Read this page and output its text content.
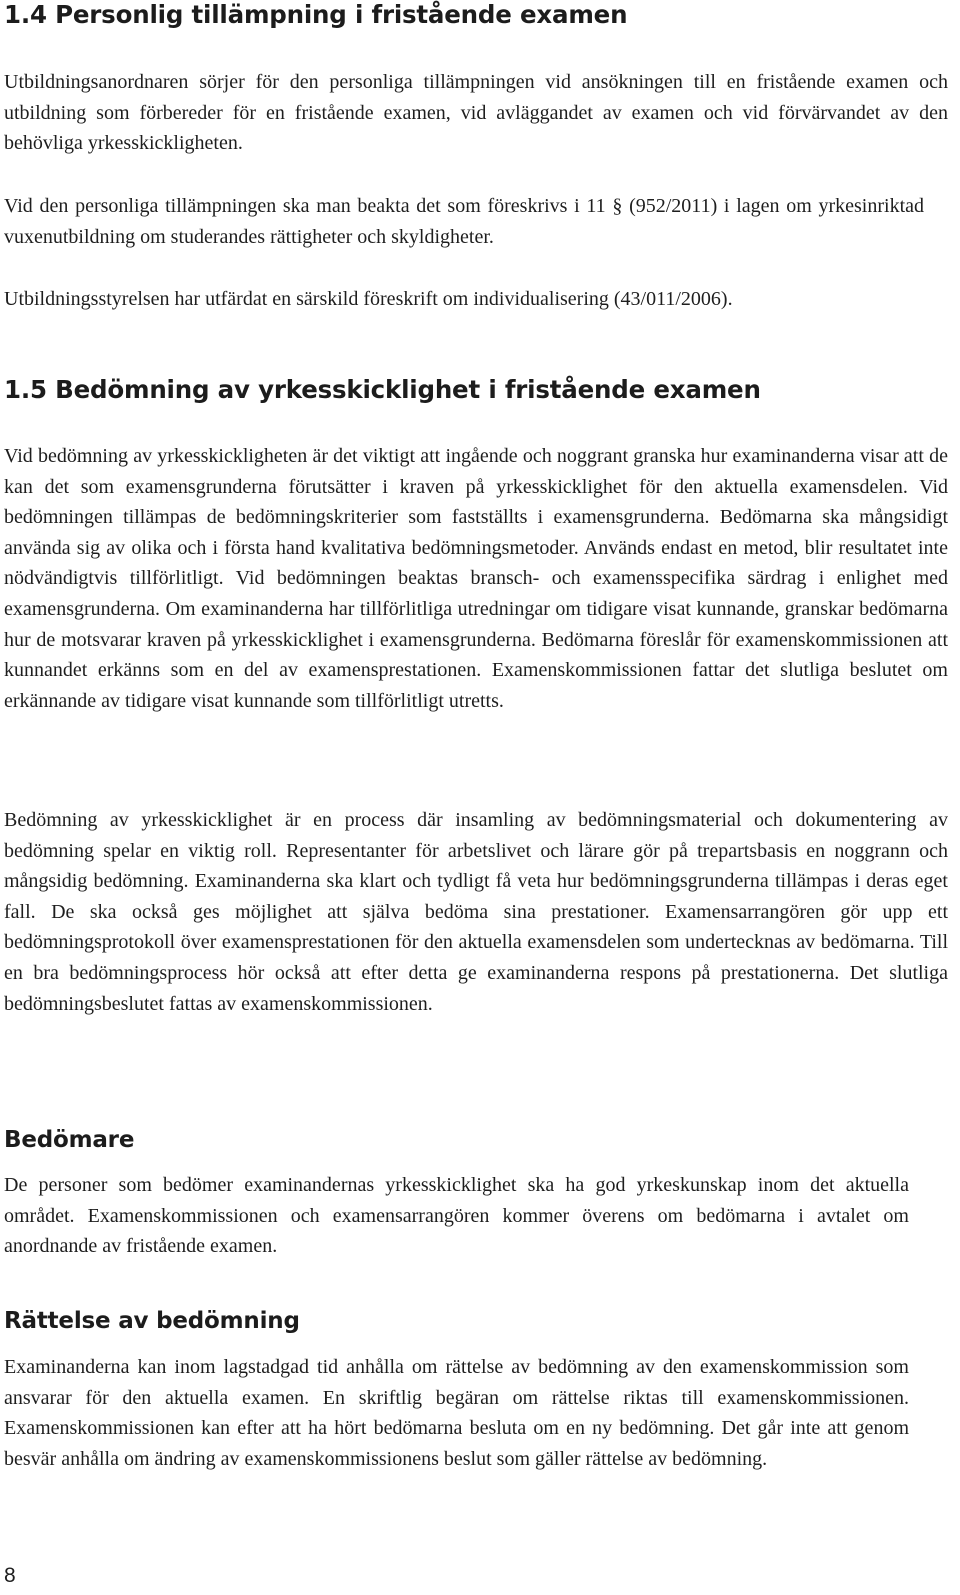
1.4 Personlig tillämpning i fristående examen

Utbildningsanordnaren sörjer för den personliga tillämpningen vid ansökningen till en fristående examen och utbildning som förbereder för en fristående examen, vid avläggandet av examen och vid förvärvandet av den behövliga yrkesskickligheten.

Vid den personliga tillämpningen ska man beakta det som föreskrivs i 11 § (952/2011) i lagen om yrkesinriktad vuxenutbildning om studerandes rättigheter och skyldigheter.

Utbildningsstyrelsen har utfärdat en särskild föreskrift om individualisering (43/011/2006).

1.5 Bedömning av yrkesskicklighet i fristående examen

Vid bedömning av yrkesskickligheten är det viktigt att ingående och noggrant granska hur examinanderna visar att de kan det som examensgrunderna förutsätter i kraven på yrkesskicklighet för den aktuella examensdelen. Vid bedömningen tillämpas de bedömningskriterier som fastställts i examensgrunderna. Bedömarna ska mångsidigt använda sig av olika och i första hand kvalitativa bedömningsmetoder. Används endast en metod, blir resultatet inte nödvändigtvis tillförlitligt. Vid bedömningen beaktas bransch- och examensspecifika särdrag i enlighet med examensgrunderna. Om examinanderna har tillförlitliga utredningar om tidigare visat kunnande, granskar bedömarna hur de motsvarar kraven på yrkesskicklighet i examensgrunderna. Bedömarna föreslår för examenskommissionen att kunnandet erkänns som en del av examensprestationen. Examenskommissionen fattar det slutliga beslutet om erkännande av tidigare visat kunnande som tillförlitligt utretts.

Bedömning av yrkesskicklighet är en process där insamling av bedömningsmaterial och dokumentering av bedömning spelar en viktig roll. Representanter för arbetslivet och lärare gör på trepartsbasis en noggrann och mångsidig bedömning. Examinanderna ska klart och tydligt få veta hur bedömningsgrunderna tillämpas i deras eget fall. De ska också ges möjlighet att själva bedöma sina prestationer. Examensarrangören gör upp ett bedömningsprotokoll över examensprestationen för den aktuella examensdelen som undertecknas av bedömarna. Till en bra bedömningsprocess hör också att efter detta ge examinanderna respons på prestationerna. Det slutliga bedömningsbeslutet fattas av examenskommissionen.

Bedömare

De personer som bedömer examinandernas yrkesskicklighet ska ha god yrkeskunskap inom det aktuella området. Examenskommissionen och examensarrangören kommer överens om bedömarna i avtalet om anordnande av fristående examen.

Rättelse av bedömning

Examinanderna kan inom lagstadgad tid anhålla om rättelse av bedömning av den examenskommission som ansvarar för den aktuella examen. En skriftlig begäran om rättelse riktas till examenskommissionen. Examenskommissionen kan efter att ha hört bedömarna besluta om en ny bedömning. Det går inte att genom besvär anhålla om ändring av examenskommissionens beslut som gäller rättelse av bedömning.

8
